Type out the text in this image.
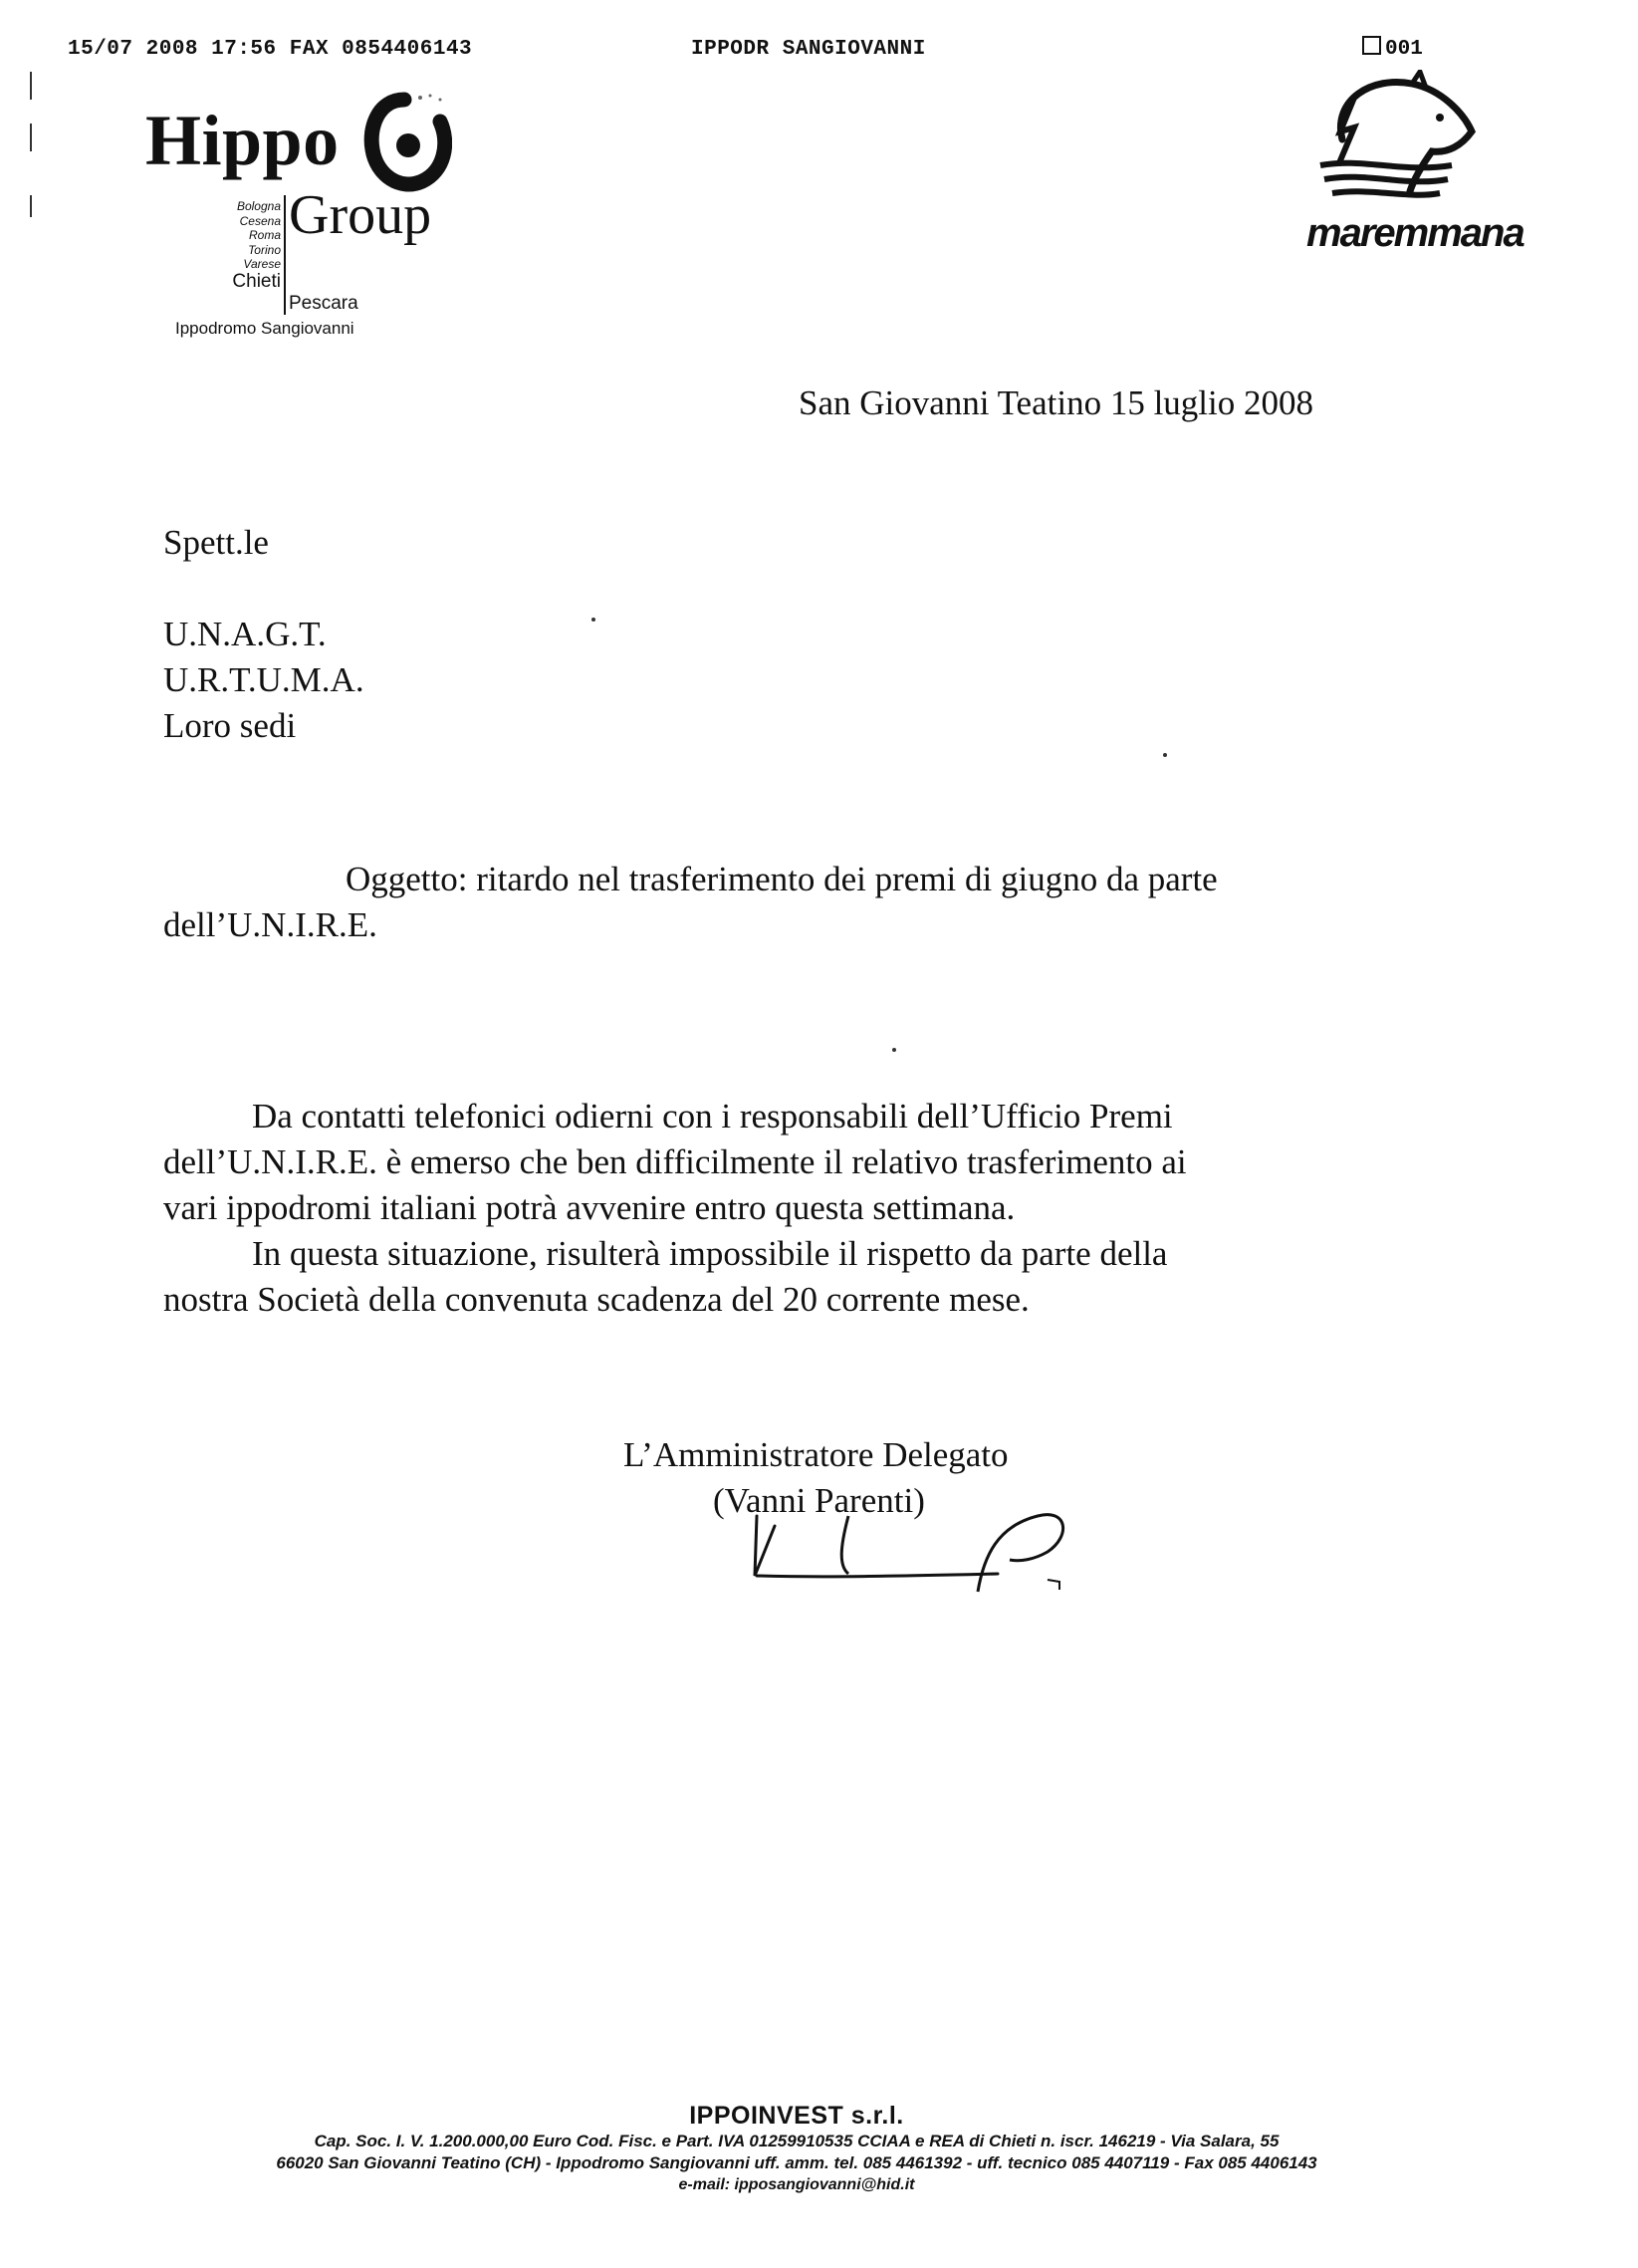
15/07 2008 17:56 FAX 0854406143	IPPODR SANGIOVANNI	001
Hippo
Group
Bologna
Cesena
Roma
Torino
Varese
Chieti
Pescara
Ippodromo Sangiovanni
maremmana
San Giovanni Teatino 15 luglio 2008
Spett.le
U.N.A.G.T.
U.R.T.U.M.A.
Loro sedi
Oggetto: ritardo nel trasferimento dei premi di giugno da parte
dell’U.N.I.R.E.
Da contatti telefonici odierni con i responsabili dell’Ufficio Premi
dell’U.N.I.R.E. è emerso che ben difficilmente il relativo trasferimento ai
vari ippodromi italiani potrà avvenire entro questa settimana.
In questa situazione, risulterà impossibile il rispetto da parte della
nostra Società della convenuta scadenza del 20 corrente mese.
L’Amministratore Delegato
(Vanni Parenti)
IPPOINVEST s.r.l.
Cap. Soc. I. V. 1.200.000,00 Euro Cod. Fisc. e Part. IVA 01259910535 CCIAA e REA di Chieti n. iscr. 146219 - Via Salara, 55
66020 San Giovanni Teatino (CH) - Ippodromo Sangiovanni uff. amm. tel. 085 4461392 - uff. tecnico 085 4407119 - Fax 085 4406143
e-mail: ipposangiovanni@hid.it
